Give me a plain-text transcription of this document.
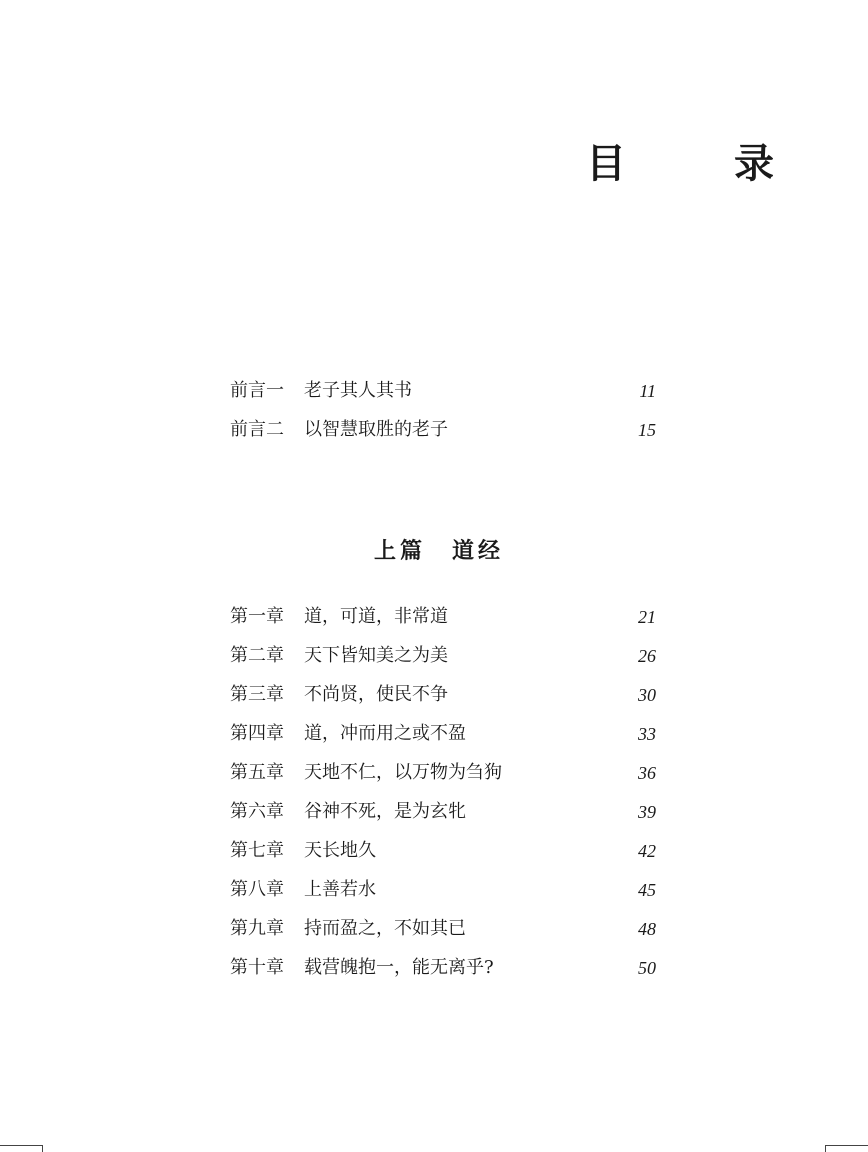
目　录
前言一 老子其人其书	11
前言二 以智慧取胜的老子	15
上篇　道经
第一章 道，可道，非常道	21
第二章 天下皆知美之为美	26
第三章 不尚贤，使民不争	30
第四章 道，冲而用之或不盈	33
第五章 天地不仁，以万物为刍狗	36
第六章 谷神不死，是为玄牝	39
第七章 天长地久	42
第八章 上善若水	45
第九章 持而盈之，不如其已	48
第十章 载营魄抱一，能无离乎?	50
